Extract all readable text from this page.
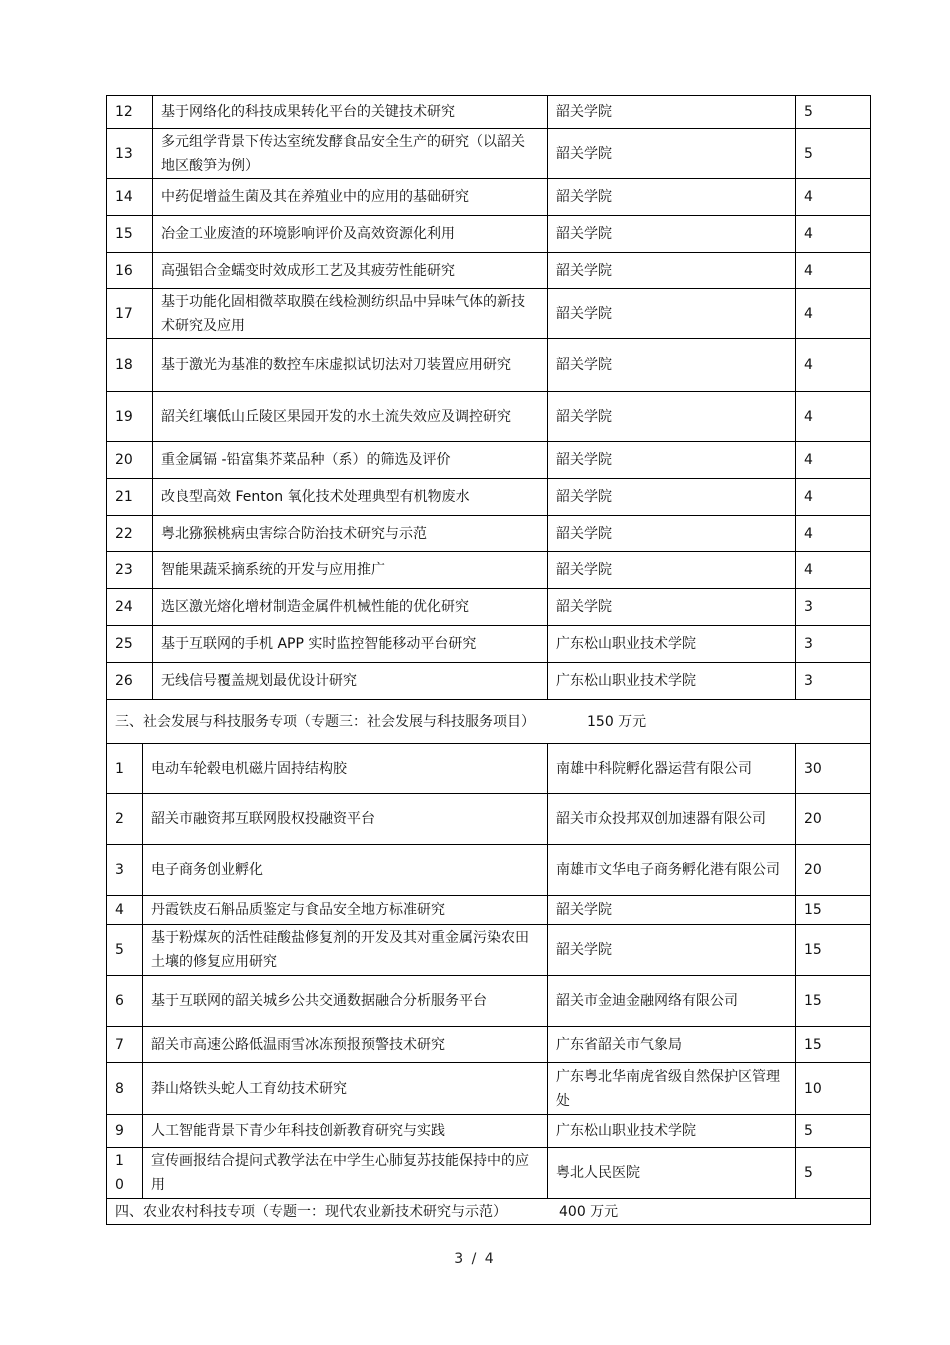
12		基于网络化的科技成果转化平台的关键技术研究	韶关学院	5
13		多元组学背景下传达室统发酵食品安全生产的研究（以韶关地区酸笋为例）	韶关学院	5
14		中药促增益生菌及其在养殖业中的应用的基础研究	韶关学院	4
15		冶金工业废渣的环境影响评价及高效资源化利用	韶关学院	4
16		高强铝合金蠕变时效成形工艺及其疲劳性能研究	韶关学院	4
17		基于功能化固相微萃取膜在线检测纺织品中异味气体的新技术研究及应用	韶关学院	4
18		基于激光为基准的数控车床虚拟试切法对刀装置应用研究	韶关学院	4
19		韶关红壤低山丘陵区果园开发的水土流失效应及调控研究	韶关学院	4
20		重金属镉 -铅富集芥菜品种（系）的筛选及评价	韶关学院	4
21		改良型高效 Fenton 氧化技术处理典型有机物废水	韶关学院	4
22		粤北猕猴桃病虫害综合防治技术研究与示范	韶关学院	4
23		智能果蔬采摘系统的开发与应用推广	韶关学院	4
24		选区激光熔化增材制造金属件机械性能的优化研究	韶关学院	3
25		基于互联网的手机 APP 实时监控智能移动平台研究	广东松山职业技术学院	3
26		无线信号覆盖规划最优设计研究	广东松山职业技术学院	3
三、社会发展与科技服务专项（专题三：社会发展与科技服务项目） 150 万元				
1	电动车轮毂电机磁片固持结构胶		南雄中科院孵化器运营有限公司	30
2	韶关市融资邦互联网股权投融资平台		韶关市众投邦双创加速器有限公司	20
3	电子商务创业孵化		南雄市文华电子商务孵化港有限公司	20
4	丹霞铁皮石斛品质鉴定与食品安全地方标准研究		韶关学院	15
5	基于粉煤灰的活性硅酸盐修复剂的开发及其对重金属污染农田土壤的修复应用研究		韶关学院	15
6	基于互联网的韶关城乡公共交通数据融合分析服务平台		韶关市金迪金融网络有限公司	15
7	韶关市高速公路低温雨雪冰冻预报预警技术研究		广东省韶关市气象局	15
8	莽山烙铁头蛇人工育幼技术研究		广东粤北华南虎省级自然保护区管理处	10
9	人工智能背景下青少年科技创新教育研究与实践		广东松山职业技术学院	5
10	宣传画报结合提问式教学法在中学生心肺复苏技能保持中的应用		粤北人民医院	5
四、农业农村科技专项（专题一：现代农业新技术研究与示范） 400 万元				
3 / 4
